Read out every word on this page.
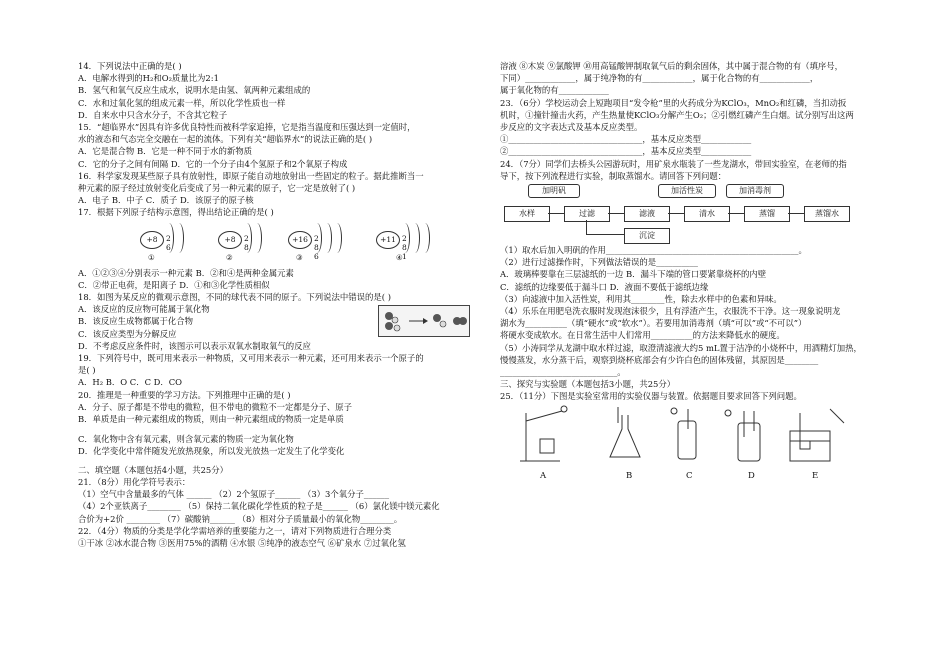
14．下列说法中正确的是( )
A．电解水得到的H₂和O₂质量比为2:1
B．氢气和氧气反应生成水，说明水是由氢、氧两种元素组成的
C．水和过氧化氢的组成元素一样，所以化学性质也一样
D．自来水中只含水分子，不含其它粒子
15．“超临界水”因具有许多优良特性而被科学家追捧，它是指当温度和压强达到一定值时，
水的液态和气态完全交融在一起的流体。下列有关“超临界水”的说法正确的是( )
A．它是混合物 B．它是一种不同于水的新物质
C．它的分子之间有间隔 D．它的一个分子由4个氢原子和2个氧原子构成
16．科学家发现某些原子具有放射性，即原子能自动地放射出一些固定的粒子。据此推断当一
种元素的原子经过放射变化后变成了另一种元素的原子，它一定是放射了( )
A．电子 B．中子 C．质子 D．该原子的原子核
17．根据下列原子结构示意图，得出结论正确的是( )
+8	2 6
①
+8	2 8
②
+16 2 8 6
③
+11 2 8 1
④
A．①②③④分别表示一种元素 B．②和④是两种金属元素
C．②带正电荷，是阳离子 D．①和③化学性质相似
18．如图为某反应的微观示意图，不同的球代表不同的原子。下列说法中错误的是( )
A．该反应的反应物可能属于氧化物
B．该反应生成物都属于化合物
C．该反应类型为分解反应
D．不考虑反应条件时，该图示可以表示双氧水制取氧气的反应
19．下列符号中，既可用来表示一种物质，又可用来表示一种元素，还可用来表示一个原子的
是( )
A．H₂ B．O C．C D．CO
20．推理是一种重要的学习方法。下列推理中正确的是( )
A．分子、原子都是不带电的微粒，但不带电的微粒不一定都是分子、原子
B．单质是由一种元素组成的物质，则由一种元素组成的物质一定是单质
C．氧化物中含有氧元素，则含氧元素的物质一定为氧化物
D．化学变化中常伴随发光放热现象，所以发光放热一定发生了化学变化
二、填空题（本题包括4小题，共25分）
21．（8分）用化学符号表示：
（1）空气中含量最多的气体 ______ （2）2个氢原子______ （3）3个氧分子______
（4）2个亚铁离子________ （5）保持二氧化碳化学性质的粒子是______ （6）氯化镁中镁元素化
合价为+2价 ________ （7）碳酸钠______ （8）相对分子质量最小的氧化物________。
22．（4分）物质的分类是学化学需培养的重要能力之一，请对下列物质进行合理分类
①干冰 ②冰水混合物 ③医用75%的酒精 ④水银 ⑤纯净的液态空气 ⑥矿泉水 ⑦过氧化氢
溶液 ⑧木炭 ⑨氯酸钾 ⑩用高锰酸钾制取氧气后的剩余固体，其中属于混合物的有（填序号，
下同）____________，属于纯净物的有____________，属于化合物的有____________，
属于氧化物的有____________
23．（6分）学校运动会上短跑项目“发令枪”里的火药成分为KClO₃，MnO₂和红磷，当扣动扳
机时，①撞针撞击火药，产生热量使KClO₃分解产生O₂；②引燃红磷产生白烟。试分别写出这两
步反应的文字表达式及基本反应类型。
①________________________________，基本反应类型____________
②________________________________，基本反应类型____________
24．（7分）同学们去桥头公园游玩时，用矿泉水瓶装了一些龙湖水，带回实验室，在老师的指
导下，按下列流程进行实验，制取蒸馏水。请回答下列问题：
加明矾	加活性炭	加消毒剂
水样	过滤	滤液	清水	蒸馏	蒸馏水
沉淀
（1）取水后加入明矾的作用______________________________________________。
（2）进行过滤操作时，下列做法错误的是__________
A．玻璃棒要靠在三层滤纸的一边 B．漏斗下端的管口要紧靠烧杯的内壁
C．滤纸的边缘要低于漏斗口 D．液面不要低于滤纸边缘
（3）向滤液中加入活性炭，利用其________性，除去水样中的色素和异味。
（4）乐乐在用肥皂洗衣服时发现泡沫很少，且有浮渣产生，衣服洗不干净。这一现象说明龙
湖水为__________（填“硬水”或“软水”）。若要用加消毒剂（填“可以”或“不可以”）
将硬水变成软水。在日常生活中人们常用__________的方法来降低水的硬度。
（5）小涛同学从龙湖中取水样过滤，取澄清滤液大约5 mL置于洁净的小烧杯中，用酒精灯加热，
慢慢蒸发，水分蒸干后，观察到烧杯底部会有少许白色的固体残留，其原因是________
____________________________。
三、探究与实验题（本题包括3小题，共25分）
25．（11分）下图是实验室常用的实验仪器与装置。依据题目要求回答下列问题。
A	B	C	D	E
